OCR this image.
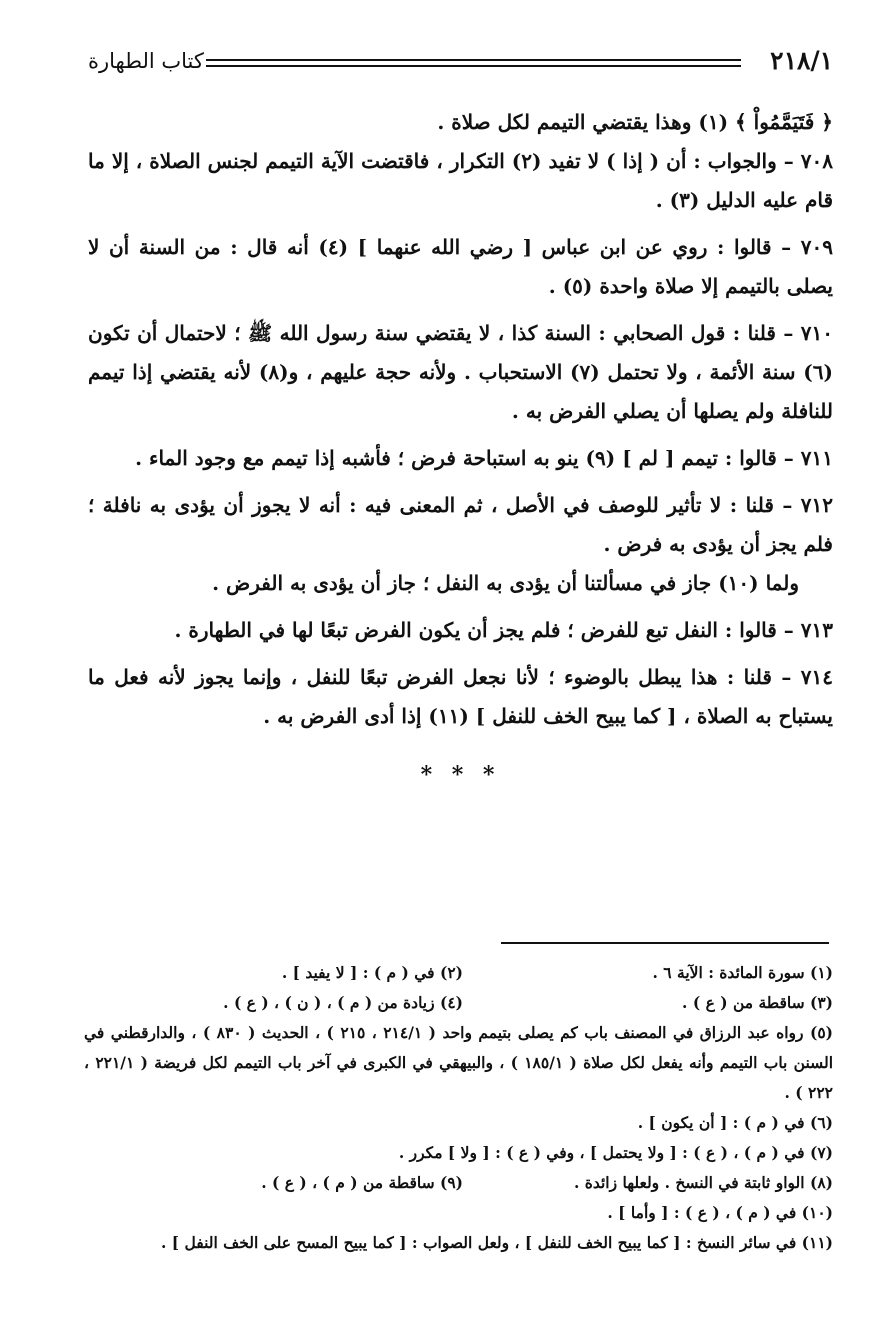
٢١٨/١
كتاب الطهارة

﴿ فَتَيَمَّمُواْ ﴾ (١) وهذا يقتضي التيمم لكل صلاة .

٧٠٨ – والجواب : أن ( إذا ) لا تفيد (٢) التكرار ، فاقتضت الآية التيمم لجنس الصلاة ، إلا ما قام عليه الدليل (٣) .

٧٠٩ – قالوا : روي عن ابن عباس [ رضي الله عنهما ] (٤) أنه قال : من السنة أن لا يصلى بالتيمم إلا صلاة واحدة (٥) .

٧١٠ – قلنا : قول الصحابي : السنة كذا ، لا يقتضي سنة رسول الله ﷺ ؛ لاحتمال أن تكون (٦) سنة الأئمة ، ولا تحتمل (٧) الاستحباب . ولأنه حجة عليهم ، و(٨) لأنه يقتضي إذا تيمم للنافلة ولم يصلها أن يصلي الفرض به .

٧١١ – قالوا : تيمم [ لم ] (٩) ينو به استباحة فرض ؛ فأشبه إذا تيمم مع وجود الماء .

٧١٢ – قلنا : لا تأثير للوصف في الأصل ، ثم المعنى فيه : أنه لا يجوز أن يؤدى به نافلة ؛ فلم يجز أن يؤدى به فرض .

ولما (١٠) جاز في مسألتنا أن يؤدى به النفل ؛ جاز أن يؤدى به الفرض .

٧١٣ – قالوا : النفل تبع للفرض ؛ فلم يجز أن يكون الفرض تبعًا لها في الطهارة .

٧١٤ – قلنا : هذا يبطل بالوضوء ؛ لأنا نجعل الفرض تبعًا للنفل ، وإنما يجوز لأنه فعل ما يستباح به الصلاة ، [ كما يبيح الخف للنفل ] (١١) إذا أدى الفرض به .

* * *
(١) سورة المائدة : الآية ٦ .
(٢) في ( م ) : [ لا يفيد ] .
(٣) ساقطة من ( ع ) .
(٤) زيادة من ( م ) ، ( ن ) ، ( ع ) .
(٥) رواه عبد الرزاق في المصنف باب كم يصلى بتيمم واحد ( ٢١٤/١ ، ٢١٥ ) ، الحديث ( ٨٣٠ ) ، والدارقطني في السنن باب التيمم وأنه يفعل لكل صلاة ( ١٨٥/١ ) ، والبيهقي في الكبرى في آخر باب التيمم لكل فريضة ( ٢٢١/١ ، ٢٢٢ ) .
(٦) في ( م ) : [ أن يكون ] .
(٧) في ( م ) ، ( ع ) : [ ولا يحتمل ] ، وفي ( ع ) : [ ولا ] مكرر .
(٨) الواو ثابتة في النسخ . ولعلها زائدة .
(٩) ساقطة من ( م ) ، ( ع ) .
(١٠) في ( م ) ، ( ع ) : [ وأما ] .
(١١) في سائر النسخ : [ كما يبيح الخف للنفل ] ، ولعل الصواب : [ كما يبيح المسح على الخف النفل ] .
